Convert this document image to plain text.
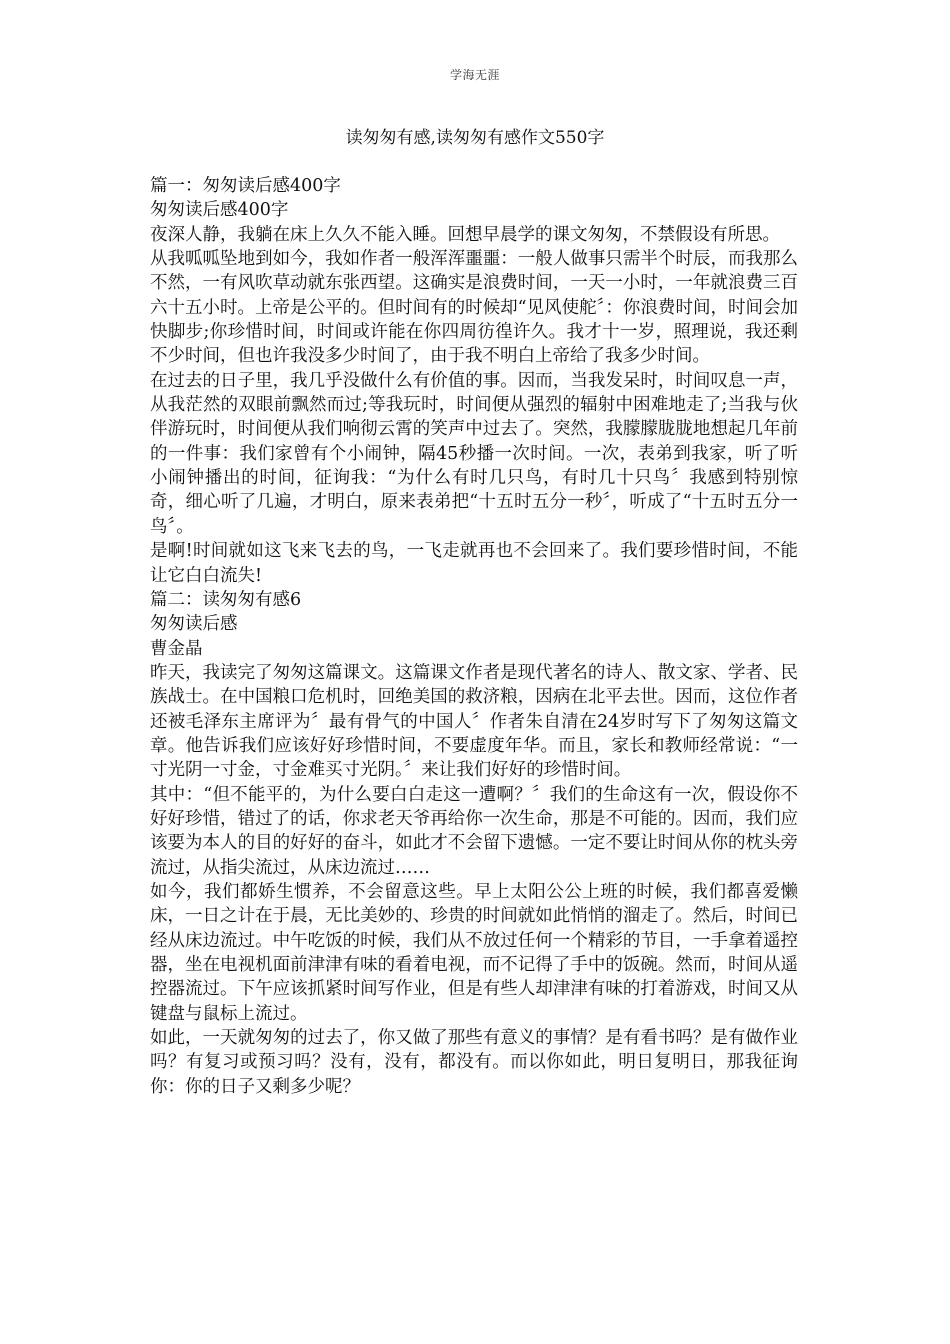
学海无涯
读匆匆有感,读匆匆有感作文550字

篇一：匆匆读后感400字

匆匆读后感400字

夜深人静，我躺在床上久久不能入睡。回想早晨学的课文匆匆，不禁假设有所思。

从我呱呱坠地到如今，我如作者一般浑浑噩噩：一般人做事只需半个时辰，而我那么不然，一有风吹草动就东张西望。这确实是浪费时间，一天一小时，一年就浪费三百六十五小时。上帝是公平的。但时间有的时候却“见风使舵〞：你浪费时间，时间会加快脚步;你珍惜时间，时间或许能在你四周彷徨许久。我才十一岁，照理说，我还剩不少时间，但也许我没多少时间了，由于我不明白上帝给了我多少时间。

在过去的日子里，我几乎没做什么有价值的事。因而，当我发呆时，时间叹息一声，从我茫然的双眼前飘然而过;等我玩时，时间便从强烈的辐射中困难地走了;当我与伙伴游玩时，时间便从我们响彻云霄的笑声中过去了。突然，我朦朦胧胧地想起几年前的一件事：我们家曾有个小闹钟，隔45秒播一次时间。一次，表弟到我家，听了听小闹钟播出的时间，征询我：“为什么有时几只鸟，有时几十只鸟〞我感到特别惊奇，细心听了几遍，才明白，原来表弟把“十五时五分一秒〞，听成了“十五时五分一鸟〞。

是啊!时间就如这飞来飞去的鸟，一飞走就再也不会回来了。我们要珍惜时间，不能让它白白流失!

篇二：读匆匆有感6

匆匆读后感

曹金晶

昨天，我读完了匆匆这篇课文。这篇课文作者是现代著名的诗人、散文家、学者、民族战士。在中国粮口危机时，回绝美国的救济粮，因病在北平去世。因而，这位作者还被毛泽东主席评为〞最有骨气的中国人〞作者朱自清在24岁时写下了匆匆这篇文章。他告诉我们应该好好珍惜时间，不要虚度年华。而且，家长和教师经常说：“一寸光阴一寸金，寸金难买寸光阴。〞来让我们好好的珍惜时间。

其中：“但不能平的，为什么要白白走这一遭啊？〞我们的生命这有一次，假设你不好好珍惜，错过了的话，你求老天爷再给你一次生命，那是不可能的。因而，我们应该要为本人的目的好好的奋斗，如此才不会留下遗憾。一定不要让时间从你的枕头旁流过，从指尖流过，从床边流过……

如今，我们都娇生惯养，不会留意这些。早上太阳公公上班的时候，我们都喜爱懒床，一日之计在于晨，无比美妙的、珍贵的时间就如此悄悄的溜走了。然后，时间已经从床边流过。中午吃饭的时候，我们从不放过任何一个精彩的节目，一手拿着遥控器，坐在电视机面前津津有味的看着电视，而不记得了手中的饭碗。然而，时间从遥控器流过。下午应该抓紧时间写作业，但是有些人却津津有味的打着游戏，时间又从键盘与鼠标上流过。

如此，一天就匆匆的过去了，你又做了那些有意义的事情？是有看书吗？是有做作业吗？有复习或预习吗？没有，没有，都没有。而以你如此，明日复明日，那我征询你：你的日子又剩多少呢？
